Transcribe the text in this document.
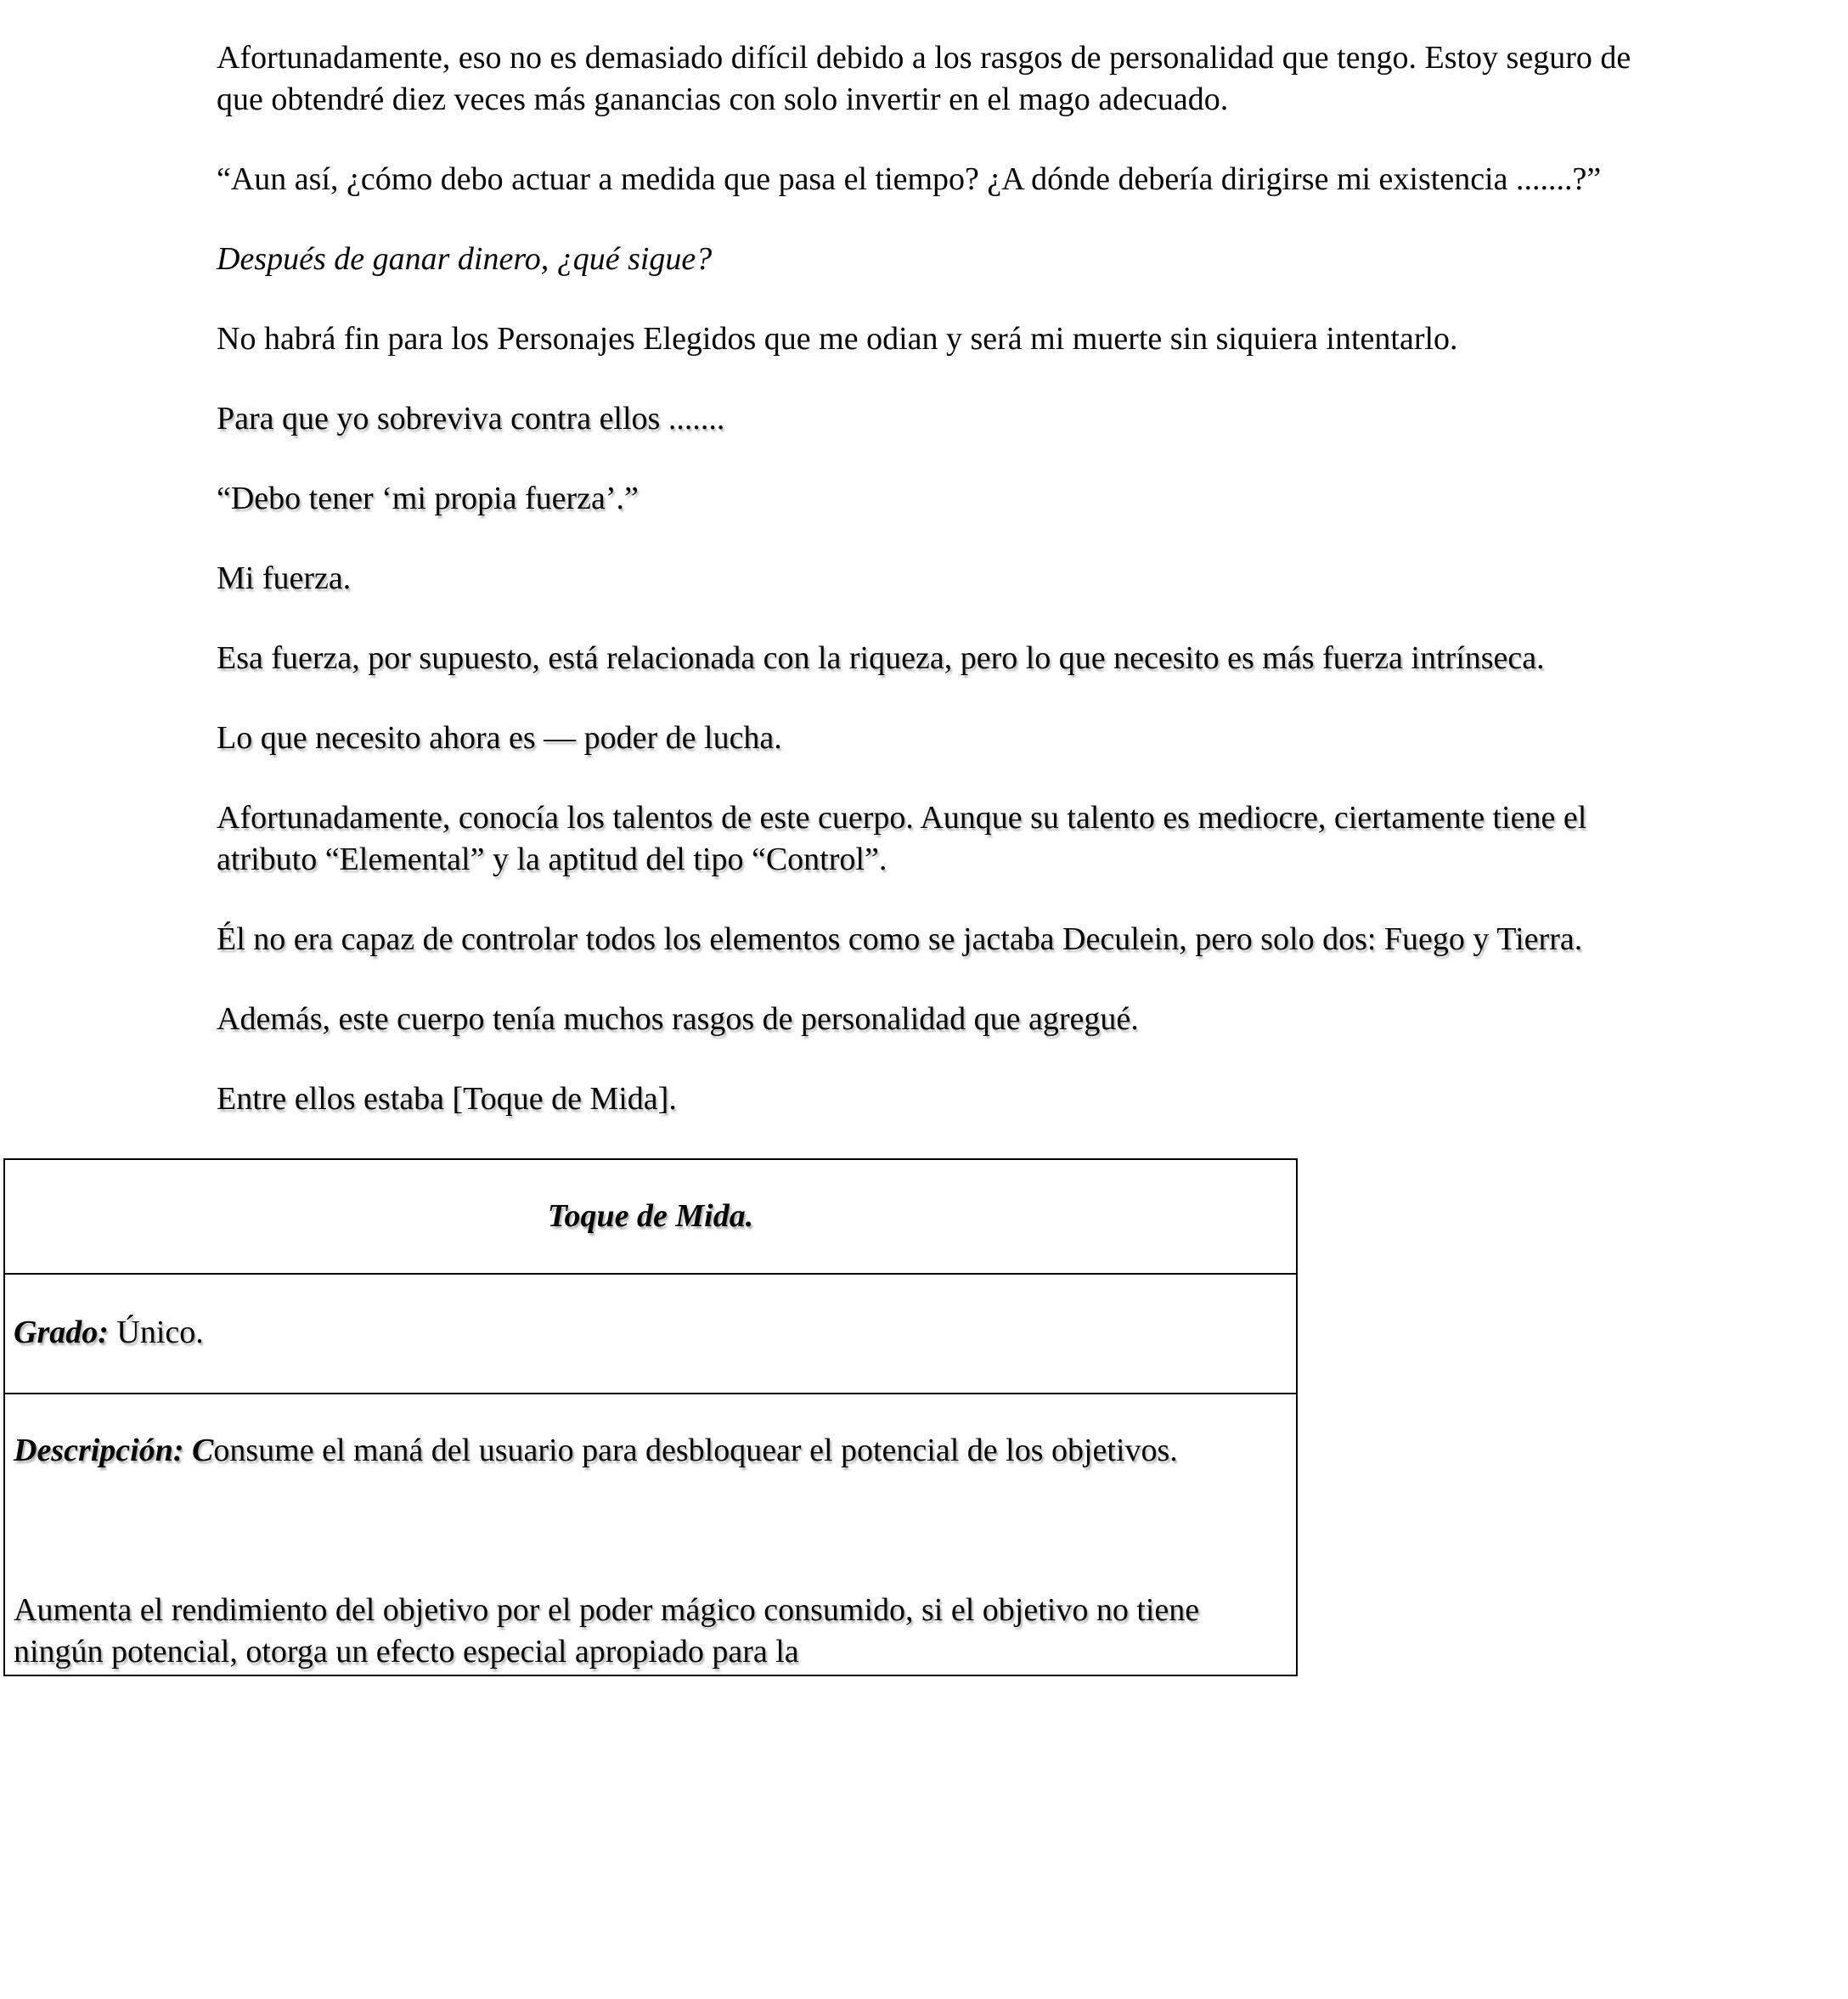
Afortunadamente, eso no es demasiado difícil debido a los rasgos de personalidad que tengo. Estoy seguro de que obtendré diez veces más ganancias con solo invertir en el mago adecuado.

“Aun así, ¿cómo debo actuar a medida que pasa el tiempo? ¿A dónde debería dirigirse mi existencia .......?”

Después de ganar dinero, ¿qué sigue?

No habrá fin para los Personajes Elegidos que me odian y será mi muerte sin siquiera intentarlo.

Para que yo sobreviva contra ellos .......

“Debo tener ‘mi propia fuerza’.”

Mi fuerza.

Esa fuerza, por supuesto, está relacionada con la riqueza, pero lo que necesito es más fuerza intrínseca.

Lo que necesito ahora es — poder de lucha.

Afortunadamente, conocía los talentos de este cuerpo. Aunque su talento es mediocre, ciertamente tiene el atributo “Elemental” y la aptitud del tipo “Control”.

Él no era capaz de controlar todos los elementos como se jactaba Deculein, pero solo dos: Fuego y Tierra.

Además, este cuerpo tenía muchos rasgos de personalidad que agregué.

Entre ellos estaba [Toque de Mida].

Toque de Mida.
Grado: Único.

Descripción: Consume el maná del usuario para desbloquear el potencial de los objetivos.

Aumenta el rendimiento del objetivo por el poder mágico consumido, si el objetivo no tiene ningún potencial, otorga un efecto especial apropiado para la
